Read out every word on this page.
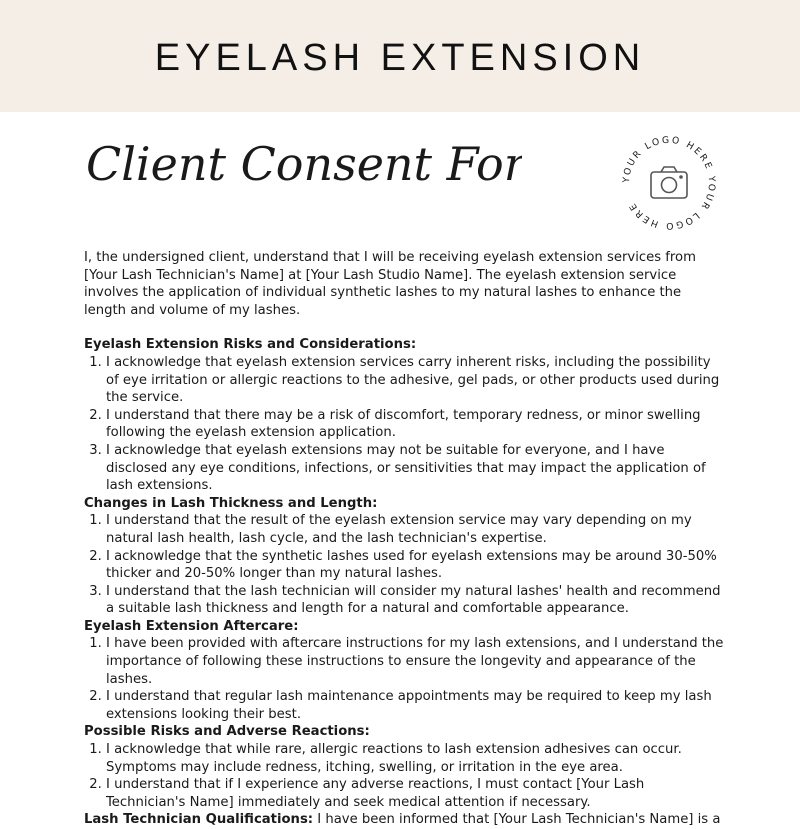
EYELASH EXTENSION
Client Consent Form	YOUR LOGO HERE YOUR LOGO HERE

I, the undersigned client, understand that I will be receiving eyelash extension services from [Your Lash Technician's Name] at [Your Lash Studio Name]. The eyelash extension service involves the application of individual synthetic lashes to my natural lashes to enhance the length and volume of my lashes.

Eyelash Extension Risks and Considerations:

1. I acknowledge that eyelash extension services carry inherent risks, including the possibility of eye irritation or allergic reactions to the adhesive, gel pads, or other products used during the service.
2. I understand that there may be a risk of discomfort, temporary redness, or minor swelling following the eyelash extension application.
3. I acknowledge that eyelash extensions may not be suitable for everyone, and I have disclosed any eye conditions, infections, or sensitivities that may impact the application of lash extensions.

Changes in Lash Thickness and Length:

1. I understand that the result of the eyelash extension service may vary depending on my natural lash health, lash cycle, and the lash technician's expertise.
2. I acknowledge that the synthetic lashes used for eyelash extensions may be around 30-50% thicker and 20-50% longer than my natural lashes.
3. I understand that the lash technician will consider my natural lashes' health and recommend a suitable lash thickness and length for a natural and comfortable appearance.

Eyelash Extension Aftercare:

1. I have been provided with aftercare instructions for my lash extensions, and I understand the importance of following these instructions to ensure the longevity and appearance of the lashes.
2. I understand that regular lash maintenance appointments may be required to keep my lash extensions looking their best.

Possible Risks and Adverse Reactions:

1. I acknowledge that while rare, allergic reactions to lash extension adhesives can occur. Symptoms may include redness, itching, swelling, or irritation in the eye area.
2. I understand that if I experience any adverse reactions, I must contact [Your Lash Technician's Name] immediately and seek medical attention if necessary.

Lash Technician Qualifications: I have been informed that [Your Lash Technician's Name] is a
